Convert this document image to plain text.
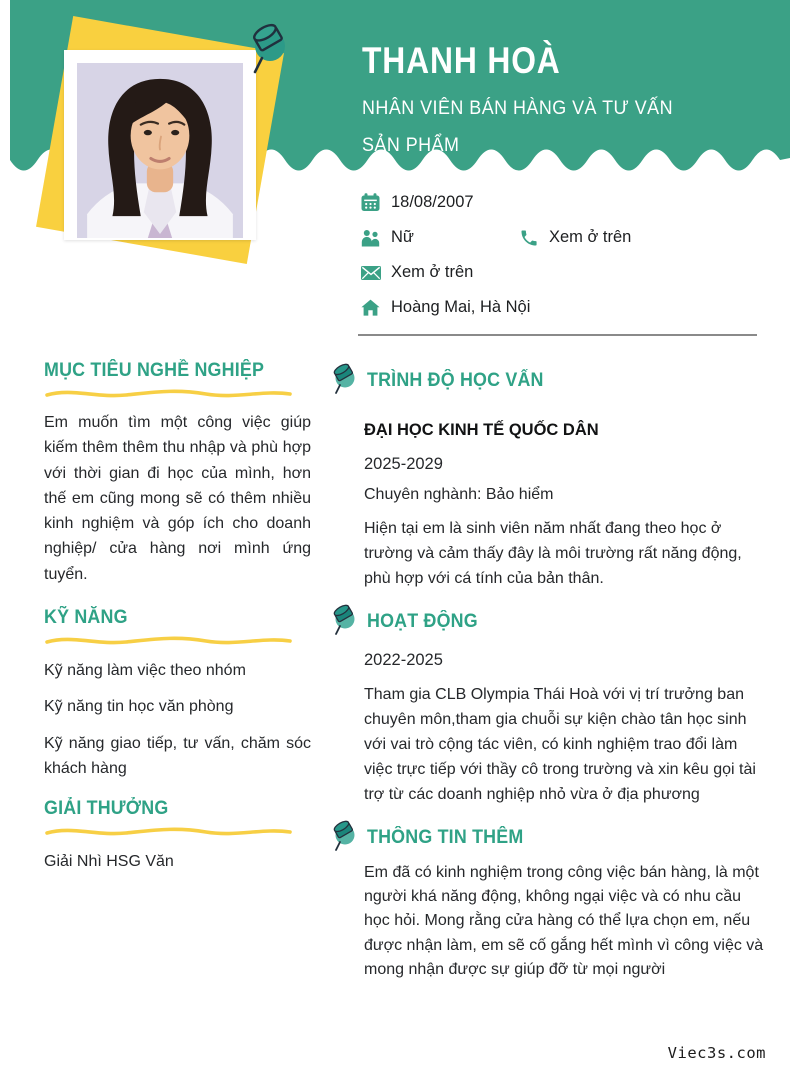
THANH HOÀ
NHÂN VIÊN BÁN HÀNG VÀ TƯ VẤN SẢN PHẨM
18/08/2007
Nữ	Xem ở trên
Xem ở trên
Hoàng Mai, Hà Nội
MỤC TIÊU NGHỀ NGHIỆP
Em muốn tìm một công việc giúp kiếm thêm thêm thu nhập và phù hợp với thời gian đi học của mình, hơn thế em cũng mong sẽ có thêm nhiều kinh nghiệm và góp ích cho doanh nghiệp/ cửa hàng nơi mình ứng tuyển.
KỸ NĂNG
Kỹ năng làm việc theo nhóm
Kỹ năng tin học văn phòng
Kỹ năng giao tiếp, tư vấn, chăm sóc khách hàng
GIẢI THƯỞNG
Giải Nhì HSG Văn
TRÌNH ĐỘ HỌC VẤN
ĐẠI HỌC KINH TẾ QUỐC DÂN
2025-2029
Chuyên nghành: Bảo hiểm
Hiện tại em là sinh viên năm nhất đang theo học ở trường và cảm thấy đây là môi trường rất năng động, phù hợp với cá tính của bản thân.
HOẠT ĐỘNG
2022-2025
Tham gia CLB Olympia Thái Hoà với vị trí trưởng ban chuyên môn,tham gia chuỗi sự kiện chào tân học sinh với vai trò cộng tác viên, có kinh nghiệm trao đổi làm việc trực tiếp với thầy cô trong trường và xin kêu gọi tài trợ từ các doanh nghiệp nhỏ vừa ở địa phương
THÔNG TIN THÊM
Em đã có kinh nghiệm trong công việc bán hàng, là một người khá năng động, không ngại việc và có nhu cầu học hỏi. Mong rằng cửa hàng có thể lựa chọn em, nếu được nhận làm, em sẽ cố gắng hết mình vì công việc và mong nhận được sự giúp đỡ từ mọi người
Viec3s.com
